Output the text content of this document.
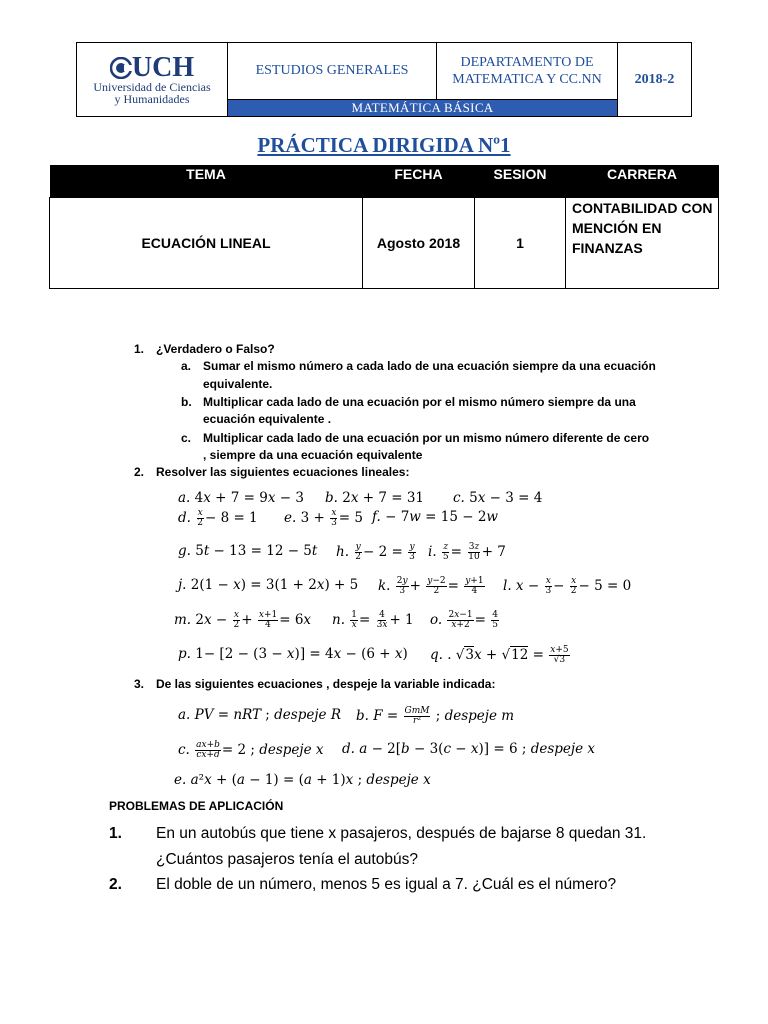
UCH
Universidad de Ciencias
y Humanidades
	ESTUDIOS GENERALES	DEPARTAMENTO DE MATEMATICA Y CC.NN	2018-2
MATEMÁTICA BÁSICA
PRÁCTICA DIRIGIDA Nº1
TEMA	FECHA	SESION	CARRERA
ECUACIÓN LINEAL	Agosto 2018	1	CONTABILIDAD CON
MENCIÓN EN
FINANZAS
1. ¿Verdadero o Falso?
a. Sumar el mismo número a cada lado de una ecuación siempre da una ecuación
equivalente.
b. Multiplicar cada lado de una ecuación por el mismo número siempre da una
ecuación equivalente .
c. Multiplicar cada lado de una ecuación por un mismo número diferente de cero
, siempre da una ecuación equivalente
2. Resolver las siguientes ecuaciones lineales:
a. 4x + 7 = 9x − 3 b. 2x + 7 = 31 c. 5x − 3 = 4
d. $\frac{x}{2} - 8 = 1$ e. $3 + \frac{x}{3} = 5$ f. − 7w = 15 − 2w
g. 5t − 13 = 12 − 5t h. $\frac{y}{2} - 2 = \frac{y}{3} i$. $\frac{z}{5} = \frac{3z}{10} + 7$
j. 2(1 − x) = 3(1 + 2x) + 5 k. $\frac{2y}{3} + \frac{y-2}{2} = \frac{y+1}{4} l$. $x - \frac{x}{3} - \frac{x}{2} - 5 = 0$
m. $2x - \frac{x}{2} + \frac{x+1}{4} = 6x$ n. $\frac{1}{x} = \frac{4}{3x} + 1$ o. $\frac{2x-1}{x+2} = \frac{4}{5}$
p. 1− [2 − (3 − x)] = 4x − (6 + x) q. . $√3x + √12 = \frac{x+5}{√3}$
3. De las siguientes ecuaciones , despeje la variable indicada:
a. PV = nRT ; despeje R b. $F = \frac{\text{GmM}}{\text{r²}}$ ; despeje m
c. $\frac{ax+b}{cx+d} = 2$ ; despeje x d. a − 2[b − 3(c − x)] = 6 ; despeje x
e. a²x + (a − 1) = (a + 1)x ; despeje x
PROBLEMAS DE APLICACIÓN
1. En un autobús que tiene x pasajeros, después de bajarse 8 quedan 31.
¿Cuántos pasajeros tenía el autobús?
2. El doble de un número, menos 5 es igual a 7. ¿Cuál es el número?
